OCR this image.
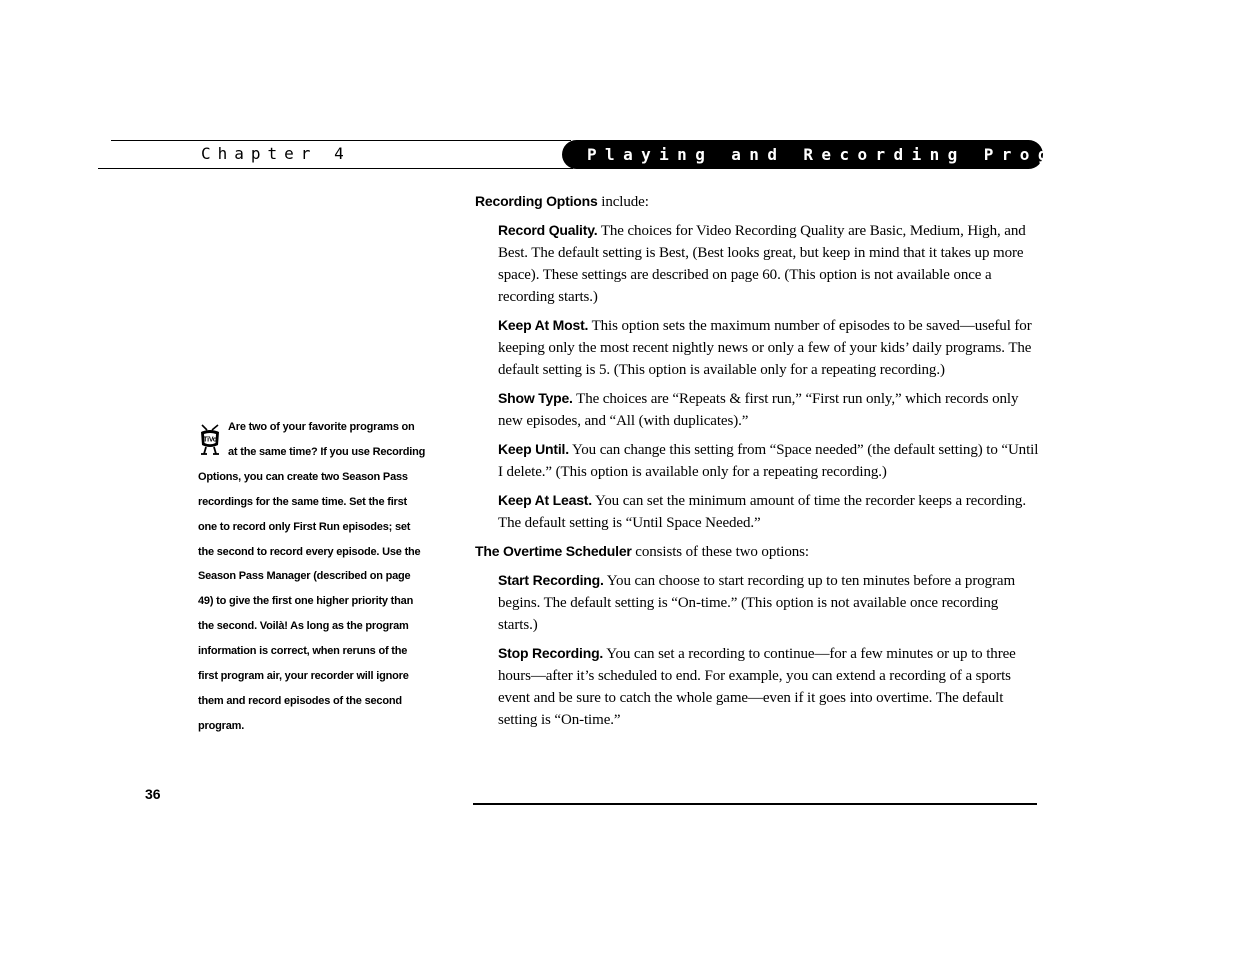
Chapter 4	Playing and Recording Programs
TiVo
Are two of your favorite programs on at the same time? If you use Recording Options, you can create two Season Pass recordings for the same time. Set the first one to record only First Run episodes; set the second to record every episode. Use the Season Pass Manager (described on page 49) to give the first one higher priority than the second. Voilà! As long as the program information is correct, when reruns of the first program air, your recorder will ignore them and record episodes of the second program.
36

Recording Options include:

Record Quality. The choices for Video Recording Quality are Basic, Medium, High, and Best. The default setting is Best, (Best looks great, but keep in mind that it takes up more space). These settings are described on page 60. (This option is not available once a recording starts.)

Keep At Most. This option sets the maximum number of episodes to be saved—useful for keeping only the most recent nightly news or only a few of your kids’ daily programs. The default setting is 5. (This option is available only for a repeating recording.)

Show Type. The choices are “Repeats & first run,” “First run only,” which records only new episodes, and “All (with duplicates).”

Keep Until. You can change this setting from “Space needed” (the default setting) to “Until I delete.” (This option is available only for a repeating recording.)

Keep At Least. You can set the minimum amount of time the recorder keeps a recording. The default setting is “Until Space Needed.”

The Overtime Scheduler consists of these two options:

Start Recording. You can choose to start recording up to ten minutes before a program begins. The default setting is “On-time.” (This option is not available once recording starts.)

Stop Recording. You can set a recording to continue—for a few minutes or up to three hours—after it’s scheduled to end. For example, you can extend a recording of a sports event and be sure to catch the whole game—even if it goes into overtime. The default setting is “On-time.”
